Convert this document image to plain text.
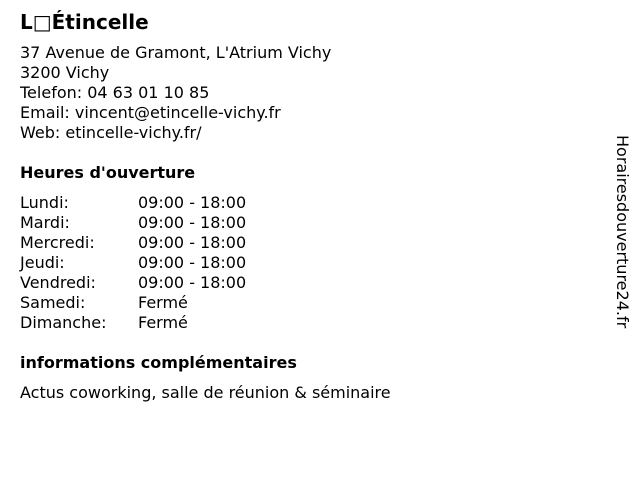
L□Étincelle
37 Avenue de Gramont, L'Atrium Vichy
3200 Vichy
Telefon: 04 63 01 10 85
Email: vincent@etincelle-vichy.fr
Web: etincelle-vichy.fr/
Heures d'ouverture
Lundi:	09:00 - 18:00
Mardi:	09:00 - 18:00
Mercredi:	09:00 - 18:00
Jeudi:	09:00 - 18:00
Vendredi:	09:00 - 18:00
Samedi:	Fermé
Dimanche:	Fermé
informations complémentaires
Actus coworking, salle de réunion & séminaire
Horairesdouverture24.fr
